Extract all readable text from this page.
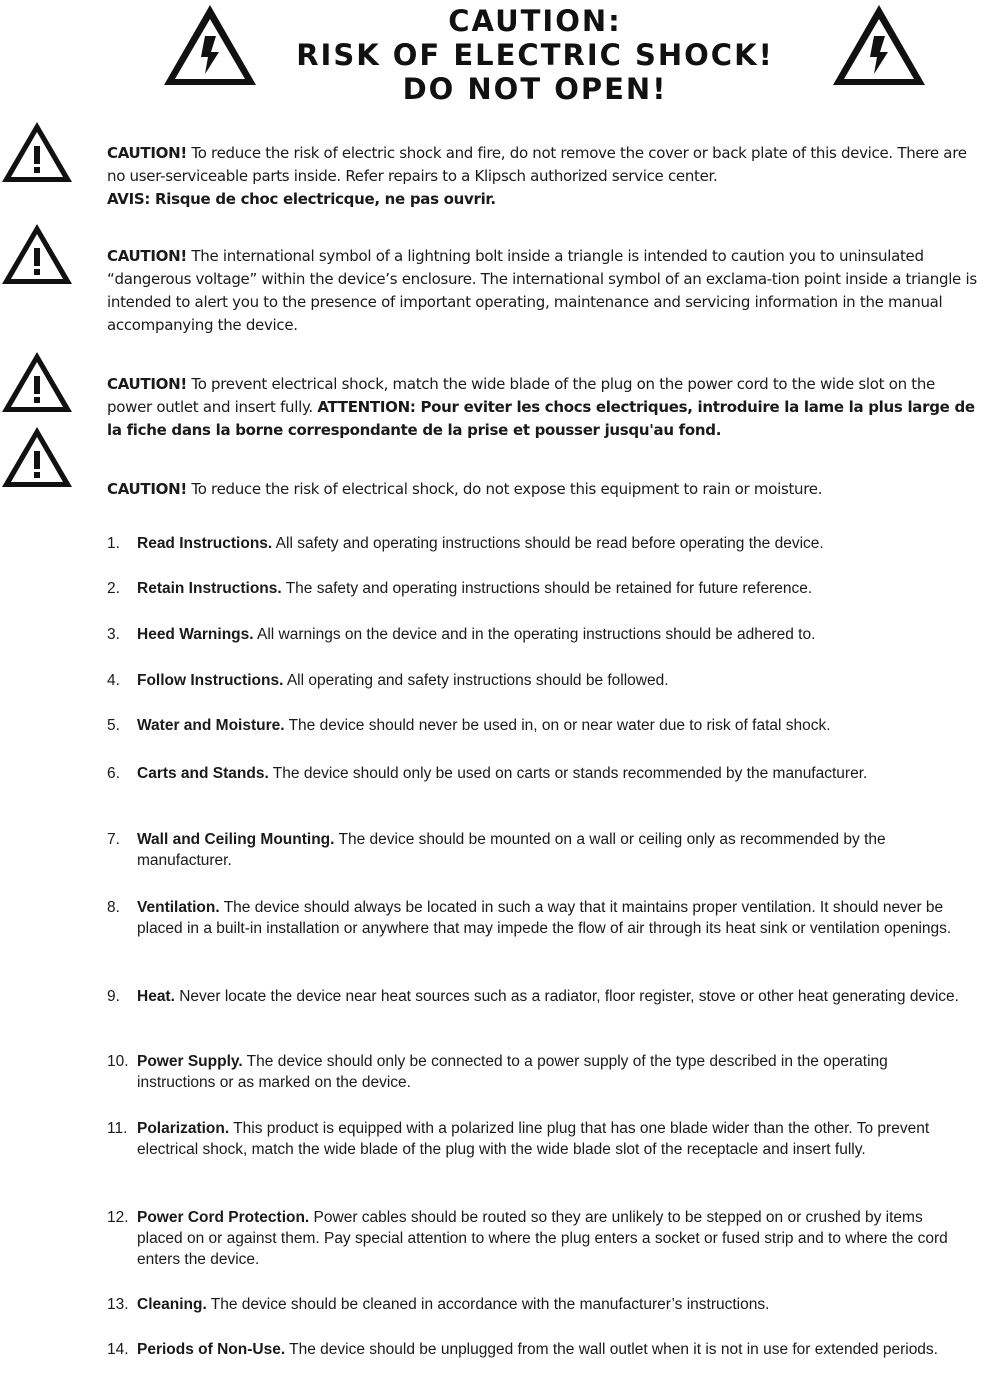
CAUTION:
RISK OF ELECTRIC SHOCK!
DO NOT OPEN!
CAUTION! To reduce the risk of electric shock and fire, do not remove the cover or back plate of this device. There are no user-serviceable parts inside. Refer repairs to a Klipsch authorized service center.
AVIS: Risque de choc electricque, ne pas ouvrir.
CAUTION! The international symbol of a lightning bolt inside a triangle is intended to caution you to uninsulated “dangerous voltage” within the device’s enclosure. The international symbol of an exclama-tion point inside a triangle is intended to alert you to the presence of important operating, maintenance and servicing information in the manual accompanying the device.
CAUTION! To prevent electrical shock, match the wide blade of the plug on the power cord to the wide slot on the power outlet and insert fully. ATTENTION: Pour eviter les chocs electriques, introduire la lame la plus large de la fiche dans la borne correspondante de la prise et pousser jusqu'au fond.
CAUTION! To reduce the risk of electrical shock, do not expose this equipment to rain or moisture.
1. Read Instructions. All safety and operating instructions should be read before operating the device.
2. Retain Instructions. The safety and operating instructions should be retained for future reference.
3. Heed Warnings. All warnings on the device and in the operating instructions should be adhered to.
4. Follow Instructions. All operating and safety instructions should be followed.
5. Water and Moisture. The device should never be used in, on or near water due to risk of fatal shock.
6. Carts and Stands. The device should only be used on carts or stands recommended by the manufacturer.
7. Wall and Ceiling Mounting. The device should be mounted on a wall or ceiling only as recommended by the manufacturer.
8. Ventilation. The device should always be located in such a way that it maintains proper ventilation. It should never be placed in a built-in installation or anywhere that may impede the flow of air through its heat sink or ventilation openings.
9. Heat. Never locate the device near heat sources such as a radiator, floor register, stove or other heat generating device.
10. Power Supply. The device should only be connected to a power supply of the type described in the operating instructions or as marked on the device.
11. Polarization. This product is equipped with a polarized line plug that has one blade wider than the other. To prevent electrical shock, match the wide blade of the plug with the wide blade slot of the receptacle and insert fully.
12. Power Cord Protection. Power cables should be routed so they are unlikely to be stepped on or crushed by items placed on or against them. Pay special attention to where the plug enters a socket or fused strip and to where the cord enters the device.
13. Cleaning. The device should be cleaned in accordance with the manufacturer’s instructions.
14. Periods of Non-Use. The device should be unplugged from the wall outlet when it is not in use for extended periods.
